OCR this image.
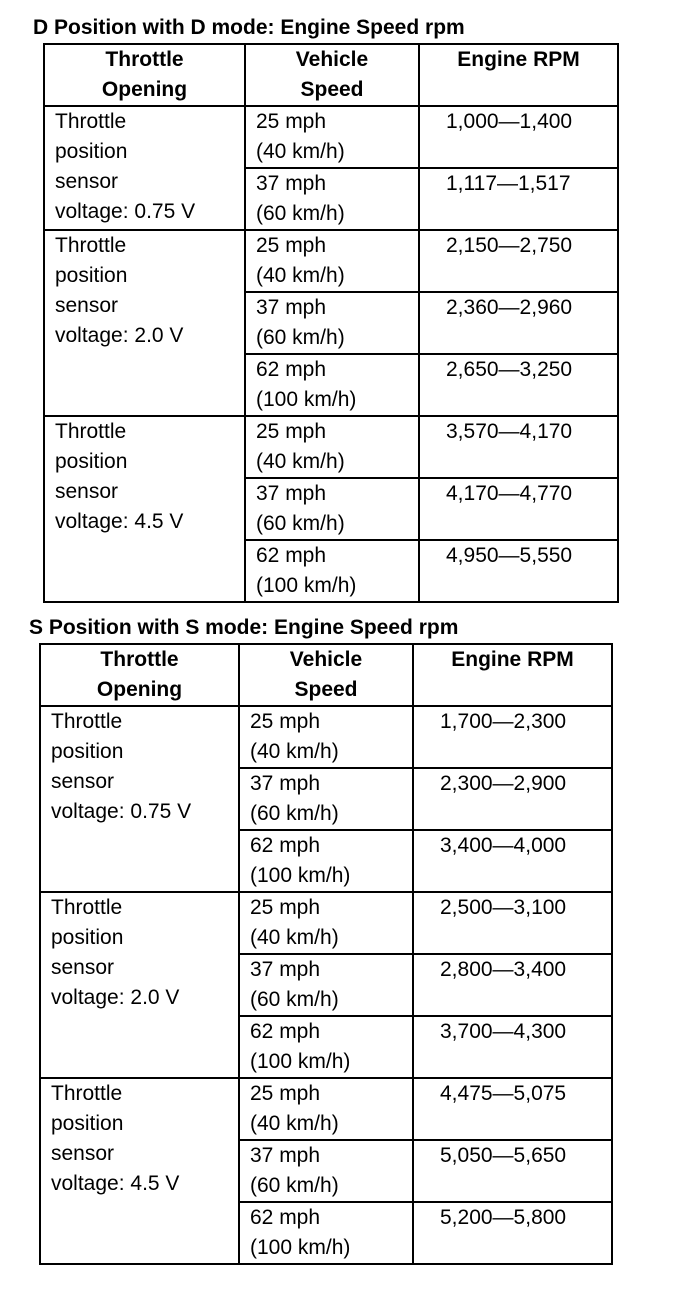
D Position with D mode: Engine Speed rpm
Throttle
Opening	Vehicle
Speed	Engine RPM

Throttle
position
sensor
voltage: 0.75 V	25 mph
(40 km/h)	1,000—1,400

	37 mph
(60 km/h)	1,117—1,517

Throttle
position
sensor
voltage: 2.0 V	25 mph
(40 km/h)	2,150—2,750

	37 mph
(60 km/h)	2,360—2,960

	62 mph
(100 km/h)	2,650—3,250

Throttle
position
sensor
voltage: 4.5 V	25 mph
(40 km/h)	3,570—4,170

	37 mph
(60 km/h)	4,170—4,770

	62 mph
(100 km/h)	4,950—5,550
S Position with S mode: Engine Speed rpm
Throttle
Opening	Vehicle
Speed	Engine RPM

Throttle
position
sensor
voltage: 0.75 V	25 mph
(40 km/h)	1,700—2,300

	37 mph
(60 km/h)	2,300—2,900

	62 mph
(100 km/h)	3,400—4,000

Throttle
position
sensor
voltage: 2.0 V	25 mph
(40 km/h)	2,500—3,100

	37 mph
(60 km/h)	2,800—3,400

	62 mph
(100 km/h)	3,700—4,300

Throttle
position
sensor
voltage: 4.5 V	25 mph
(40 km/h)	4,475—5,075

	37 mph
(60 km/h)	5,050—5,650

	62 mph
(100 km/h)	5,200—5,800
